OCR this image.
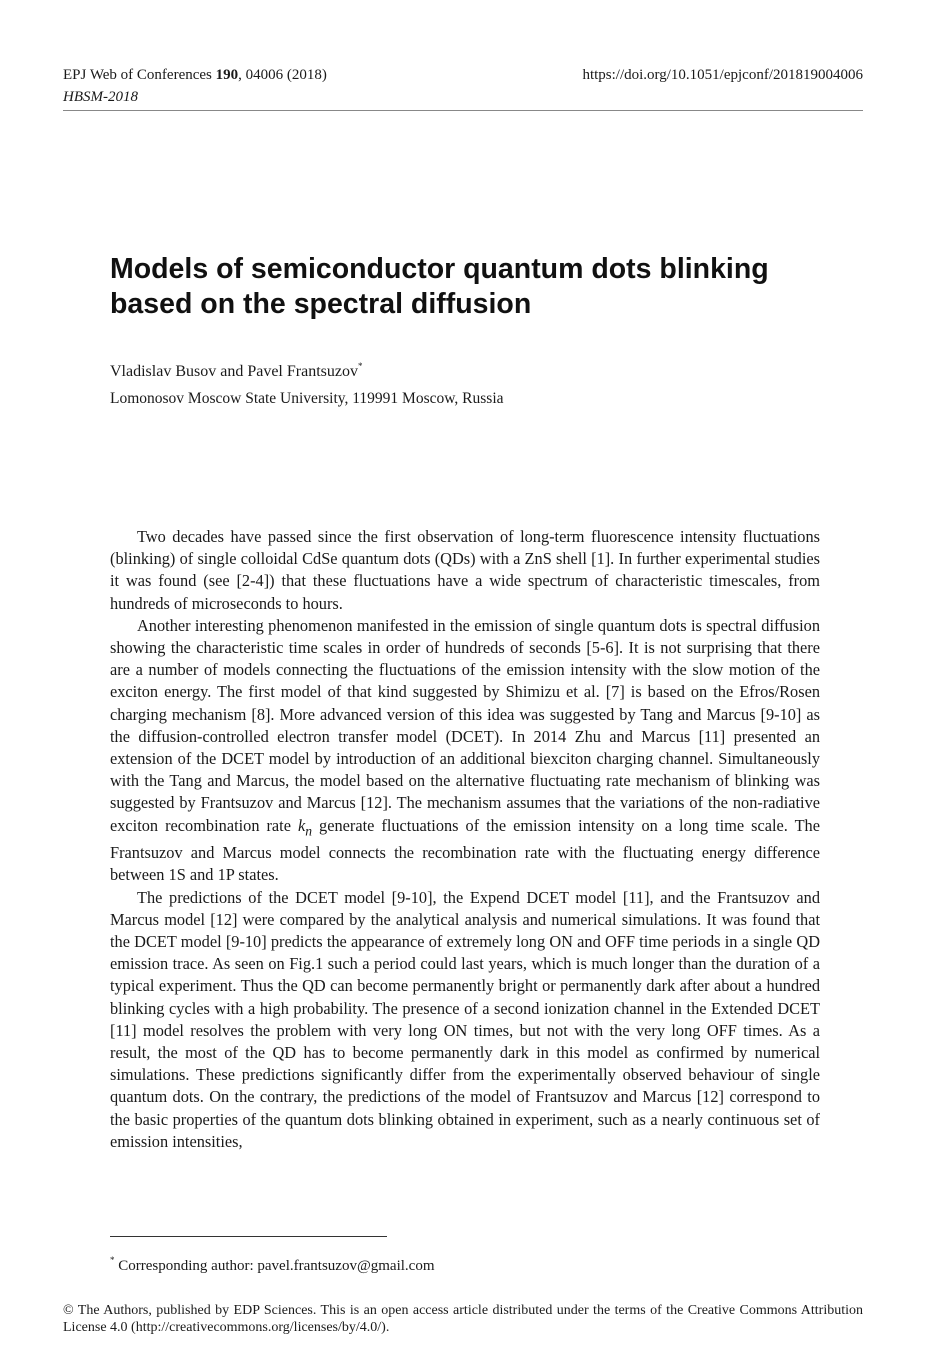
EPJ Web of Conferences 190, 04006 (2018)	https://doi.org/10.1051/epjconf/201819004006
HBSM-2018
Models of semiconductor quantum dots blinking
based on the spectral diffusion
Vladislav Busov and Pavel Frantsuzov*
Lomonosov Moscow State University, 119991 Moscow, Russia

Two decades have passed since the first observation of long-term fluorescence intensity fluctuations (blinking) of single colloidal CdSe quantum dots (QDs) with a ZnS shell [1]. In further experimental studies it was found (see [2-4]) that these fluctuations have a wide spectrum of characteristic timescales, from hundreds of microseconds to hours.

Another interesting phenomenon manifested in the emission of single quantum dots is spectral diffusion showing the characteristic time scales in order of hundreds of seconds [5-6]. It is not surprising that there are a number of models connecting the fluctuations of the emission intensity with the slow motion of the exciton energy. The first model of that kind suggested by Shimizu et al. [7] is based on the Efros/Rosen charging mechanism [8]. More advanced version of this idea was suggested by Tang and Marcus [9-10] as the diffusion-controlled electron transfer model (DCET). In 2014 Zhu and Marcus [11] presented an extension of the DCET model by introduction of an additional biexciton charging channel. Simultaneously with the Tang and Marcus, the model based on the alternative fluctuating rate mechanism of blinking was suggested by Frantsuzov and Marcus [12]. The mechanism assumes that the variations of the non-radiative exciton recombination rate $k_n$ generate fluctuations of the emission intensity on a long time scale. The Frantsuzov and Marcus model connects the recombination rate with the fluctuating energy difference between 1S and 1P states.

The predictions of the DCET model [9-10], the Expend DCET model [11], and the Frantsuzov and Marcus model [12] were compared by the analytical analysis and numerical simulations. It was found that the DCET model [9-10] predicts the appearance of extremely long ON and OFF time periods in a single QD emission trace. As seen on Fig.1 such a period could last years, which is much longer than the duration of a typical experiment. Thus the QD can become permanently bright or permanently dark after about a hundred blinking cycles with a high probability. The presence of a second ionization channel in the Extended DCET [11] model resolves the problem with very long ON times, but not with the very long OFF times. As a result, the most of the QD has to become permanently dark in this model as confirmed by numerical simulations. These predictions significantly differ from the experimentally observed behaviour of single quantum dots. On the contrary, the predictions of the model of Frantsuzov and Marcus [12] correspond to the basic properties of the quantum dots blinking obtained in experiment, such as a nearly continuous set of emission intensities,

* Corresponding author: pavel.frantsuzov@gmail.com
© The Authors, published by EDP Sciences. This is an open access article distributed under the terms of the Creative Commons Attribution License 4.0 (http://creativecommons.org/licenses/by/4.0/).
